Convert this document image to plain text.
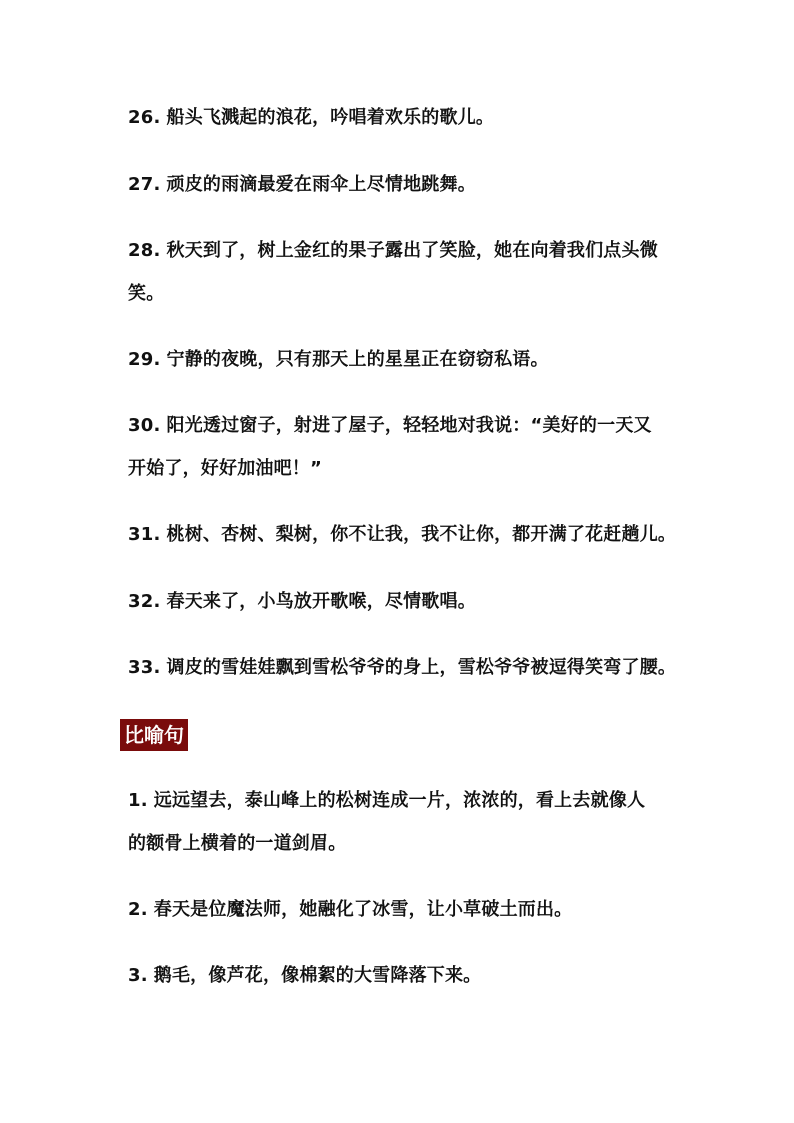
26. 船头飞溅起的浪花，吟唱着欢乐的歌儿。
27. 顽皮的雨滴最爱在雨伞上尽情地跳舞。
28. 秋天到了，树上金红的果子露出了笑脸，她在向着我们点头微
笑。
29. 宁静的夜晚，只有那天上的星星正在窃窃私语。
30. 阳光透过窗子，射进了屋子，轻轻地对我说：“美好的一天又
开始了，好好加油吧！”
31. 桃树、杏树、梨树，你不让我，我不让你，都开满了花赶趟儿。
32. 春天来了，小鸟放开歌喉，尽情歌唱。
33. 调皮的雪娃娃飘到雪松爷爷的身上，雪松爷爷被逗得笑弯了腰。
比喻句
1. 远远望去，泰山峰上的松树连成一片，浓浓的，看上去就像人
的额骨上横着的一道剑眉。
2. 春天是位魔法师，她融化了冰雪，让小草破土而出。
3. 鹅毛，像芦花，像棉絮的大雪降落下来。
